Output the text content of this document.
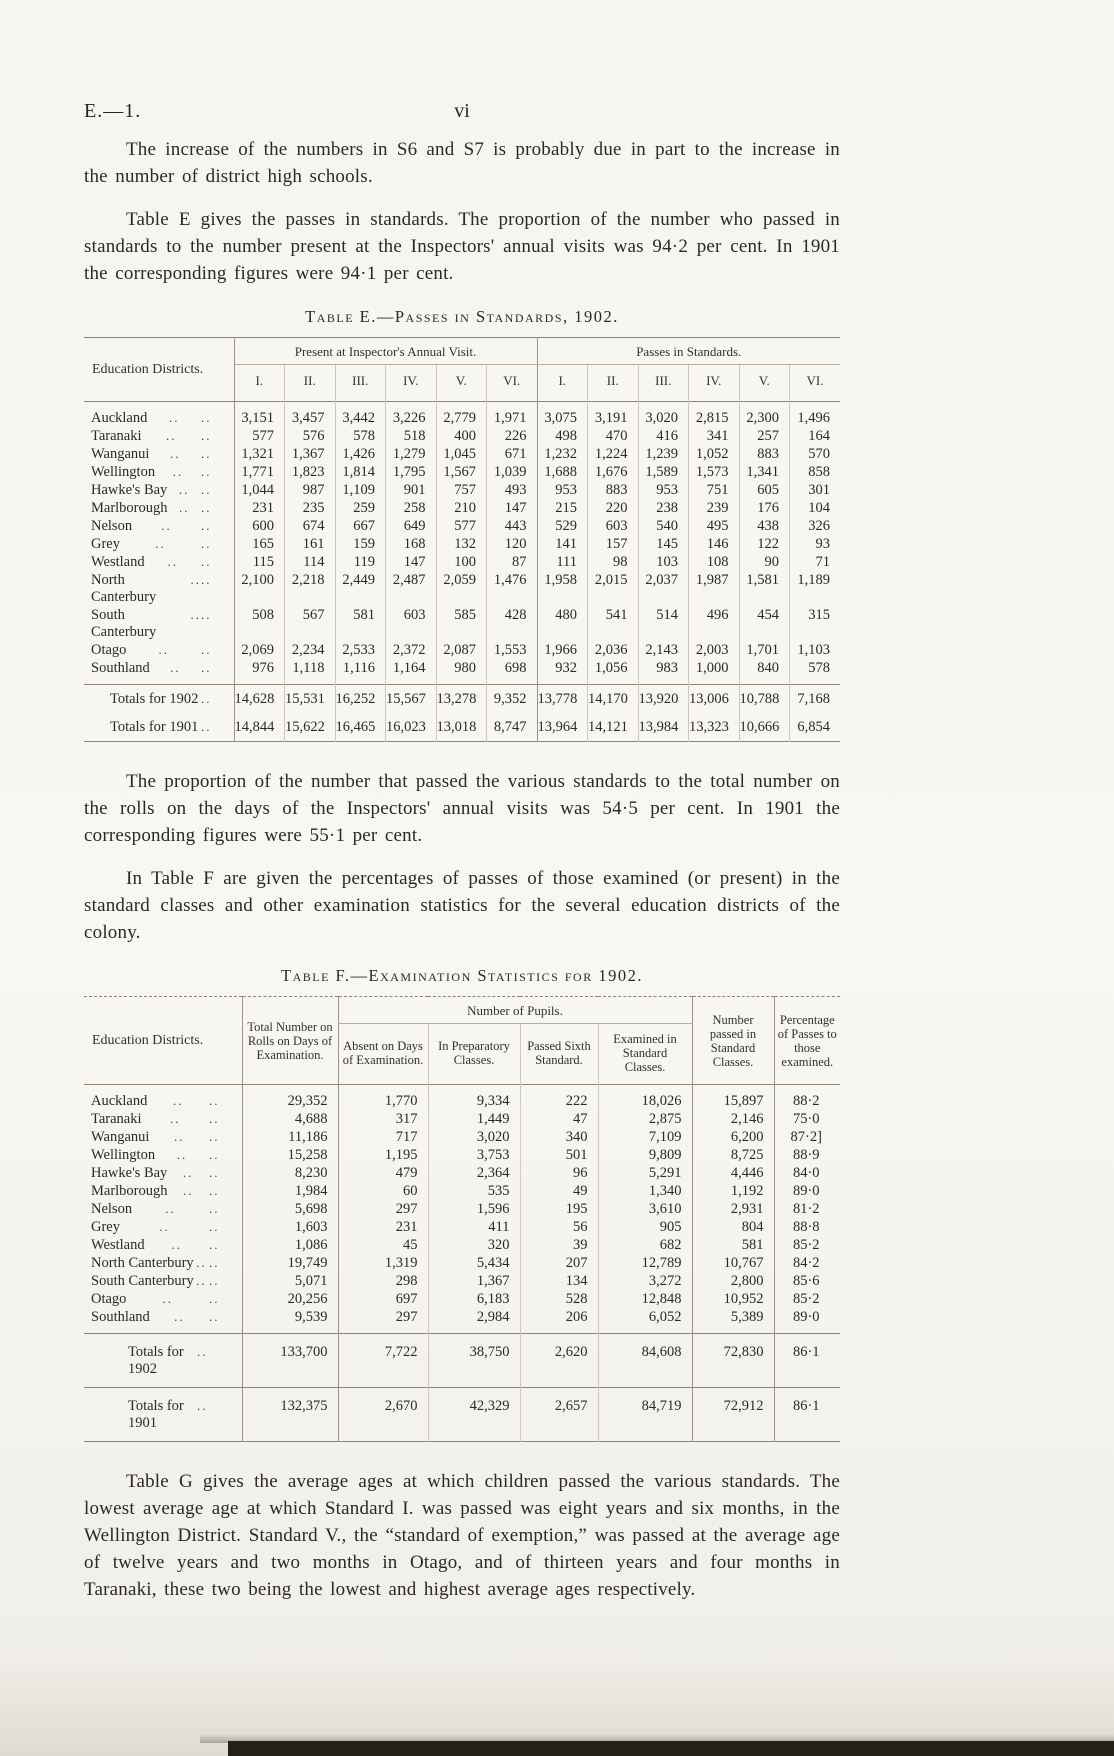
E.—1.	vi

The increase of the numbers in S6 and S7 is probably due in part to the increase in the number of district high schools.

Table E gives the passes in standards. The proportion of the number who passed in standards to the number present at the Inspectors' annual visits was 94·2 per cent. In 1901 the corresponding figures were 94·1 per cent.

Table E.—Passes in Standards, 1902.
Education Districts.	Present at Inspector's Annual Visit.						Passes in Standards.					
	I.	II.	III.	IV.	V.	VI.	I.	II.	III.	IV.	V.	VI.

Auckland .. ..	3,151	3,457	3,442	3,226	2,779	1,971	3,075	3,191	3,020	2,815	2,300	1,496

Taranaki .. ..	577	576	578	518	400	226	498	470	416	341	257	164

Wanganui .. ..	1,321	1,367	1,426	1,279	1,045	671	1,232	1,224	1,239	1,052	883	570

Wellington .. ..	1,771	1,823	1,814	1,795	1,567	1,039	1,688	1,676	1,589	1,573	1,341	858

Hawke's Bay .. ..	1,044	987	1,109	901	757	493	953	883	953	751	605	301

Marlborough .. ..	231	235	259	258	210	147	215	220	238	239	176	104

Nelson .. ..	600	674	667	649	577	443	529	603	540	495	438	326

Grey .. ..	165	161	159	168	132	120	141	157	145	146	122	93

Westland .. ..	115	114	119	147	100	87	111	98	103	108	90	71

North Canterbury
.. ..	2,100	2,218	2,449	2,487	2,059	1,476	1,958	2,015	2,037	1,987	1,581	1,189

South Canterbury
.. ..	508	567	581	603	585	428	480	541	514	496	454	315

Otago .. ..	2,069	2,234	2,533	2,372	2,087	1,553	1,966	2,036	2,143	2,003	1,701	1,103

Southland .. ..	976	1,118	1,116	1,164	980	698	932	1,056	983	1,000	840	578

Totals for 1902 ..	14,628	15,531	16,252	15,567	13,278	9,352	13,778	14,170	13,920	13,006	10,788	7,168

Totals for 1901 ..	14,844	15,622	16,465	16,023	13,018	8,747	13,964	14,121	13,984	13,323	10,666	6,854

The proportion of the number that passed the various standards to the total number on the rolls on the days of the Inspectors' annual visits was 54·5 per cent. In 1901 the corresponding figures were 55·1 per cent.

In Table F are given the percentages of passes of those examined (or present) in the standard classes and other examination statistics for the several education districts of the colony.

Table F.—Examination Statistics for 1902.
Education Districts.	Total Number on Rolls on Days of Examination.	Number of Pupils.				Number passed in Standard Classes.	Percentage of Passes to those examined.
		Absent on Days of Examination.	In Preparatory Classes.	Passed Sixth Standard.	Examined in Standard Classes.		

Auckland .. ..	29,352	1,770	9,334	222	18,026	15,897	88·2

Taranaki .. ..	4,688	317	1,449	47	2,875	2,146	75·0

Wanganui .. ..	11,186	717	3,020	340	7,109	6,200	87·2]

Wellington .. ..	15,258	1,195	3,753	501	9,809	8,725	88·9

Hawke's Bay .. ..	8,230	479	2,364	96	5,291	4,446	84·0

Marlborough .. ..	1,984	60	535	49	1,340	1,192	89·0

Nelson .. ..	5,698	297	1,596	195	3,610	2,931	81·2

Grey .. ..	1,603	231	411	56	905	804	88·8

Westland .. ..	1,086	45	320	39	682	581	85·2

North Canterbury .. ..	19,749	1,319	5,434	207	12,789	10,767	84·2

South Canterbury .. ..	5,071	298	1,367	134	3,272	2,800	85·6

Otago .. ..	20,256	697	6,183	528	12,848	10,952	85·2

Southland .. ..	9,539	297	2,984	206	6,052	5,389	89·0

Totals for 1902
..	133,700	7,722	38,750	2,620	84,608	72,830	86·1

Totals for 1901
..	132,375	2,670	42,329	2,657	84,719	72,912	86·1

Table G gives the average ages at which children passed the various standards. The lowest average age at which Standard I. was passed was eight years and six months, in the Wellington District. Standard V., the “standard of exemption,” was passed at the average age of twelve years and two months in Otago, and of thirteen years and four months in Taranaki, these two being the lowest and highest average ages respectively.
